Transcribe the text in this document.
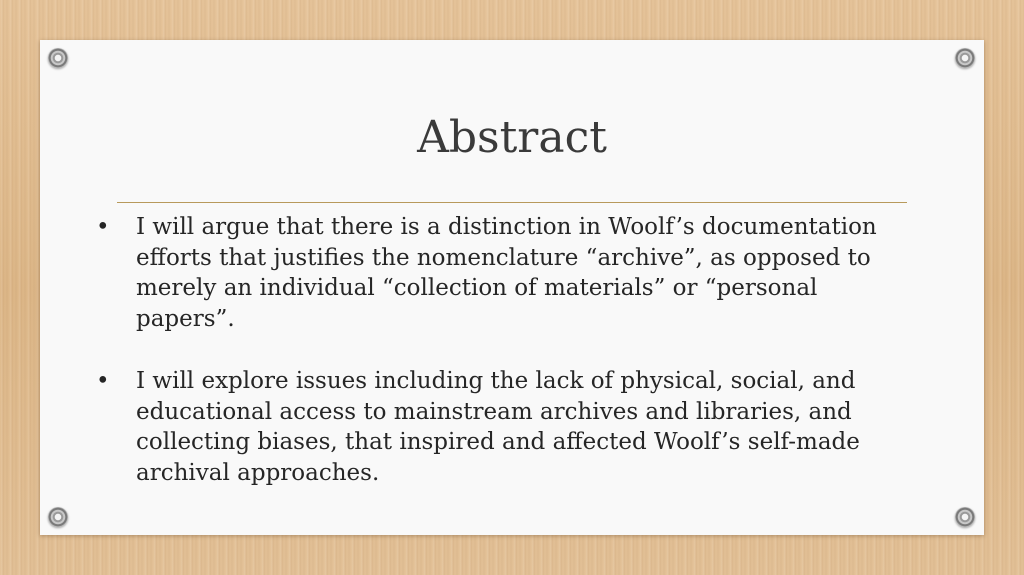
Abstract
• I will argue that there is a distinction in Woolf’s documentation efforts that justifies the nomenclature “archive”, as opposed to merely an individual “collection of materials” or “personal papers”.
• I will explore issues including the lack of physical, social, and educational access to mainstream archives and libraries, and collecting biases, that inspired and affected Woolf’s self-made archival approaches.
